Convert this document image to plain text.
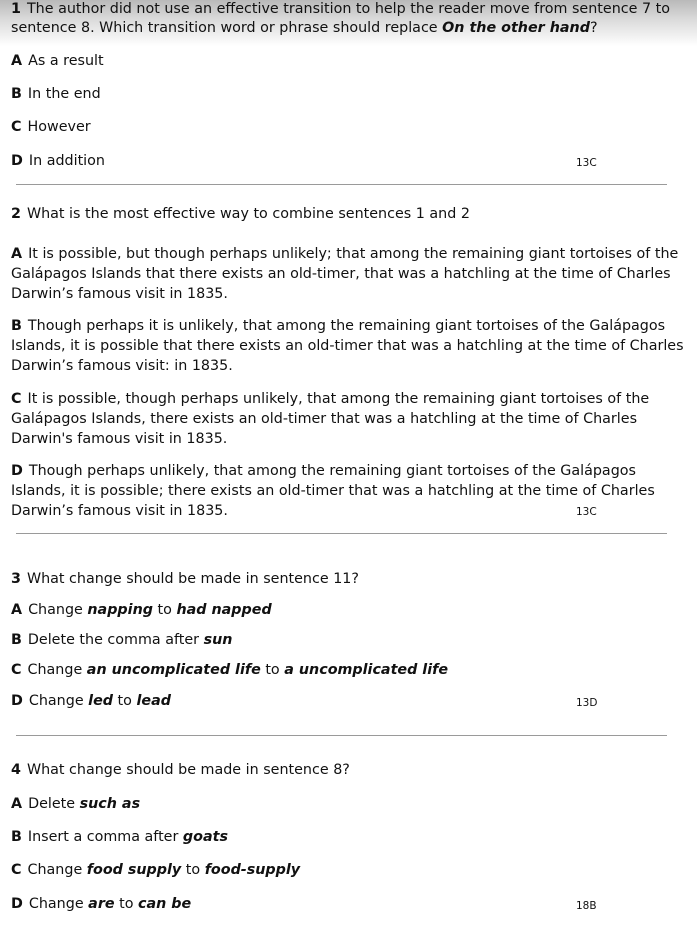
1 The author did not use an effective transition to help the reader move from sentence 7 to sentence 8. Which transition word or phrase should replace On the other hand?
A As a result
B In the end
C However
D In addition	13C
2 What is the most effective way to combine sentences 1 and 2
A It is possible, but though perhaps unlikely; that among the remaining giant tortoises of the Galápagos Islands that there exists an old-timer, that was a hatchling at the time of Charles Darwin’s famous visit in 1835.
B Though perhaps it is unlikely, that among the remaining giant tortoises of the Galápagos Islands, it is possible that there exists an old-timer that was a hatchling at the time of Charles Darwin’s famous visit: in 1835.
C It is possible, though perhaps unlikely, that among the remaining giant tortoises of the Galápagos Islands, there exists an old-timer that was a hatchling at the time of Charles Darwin's famous visit in 1835.
D Though perhaps unlikely, that among the remaining giant tortoises of the Galápagos Islands, it is possible; there exists an old-timer that was a hatchling at the time of Charles Darwin’s famous visit in 1835.	13C
3 What change should be made in sentence 11?
A Change napping to had napped
B Delete the comma after sun
C Change an uncomplicated life to a uncomplicated life
D Change led to lead	13D
4 What change should be made in sentence 8?
A Delete such as
B Insert a comma after goats
C Change food supply to food-supply
D Change are to can be	18B
